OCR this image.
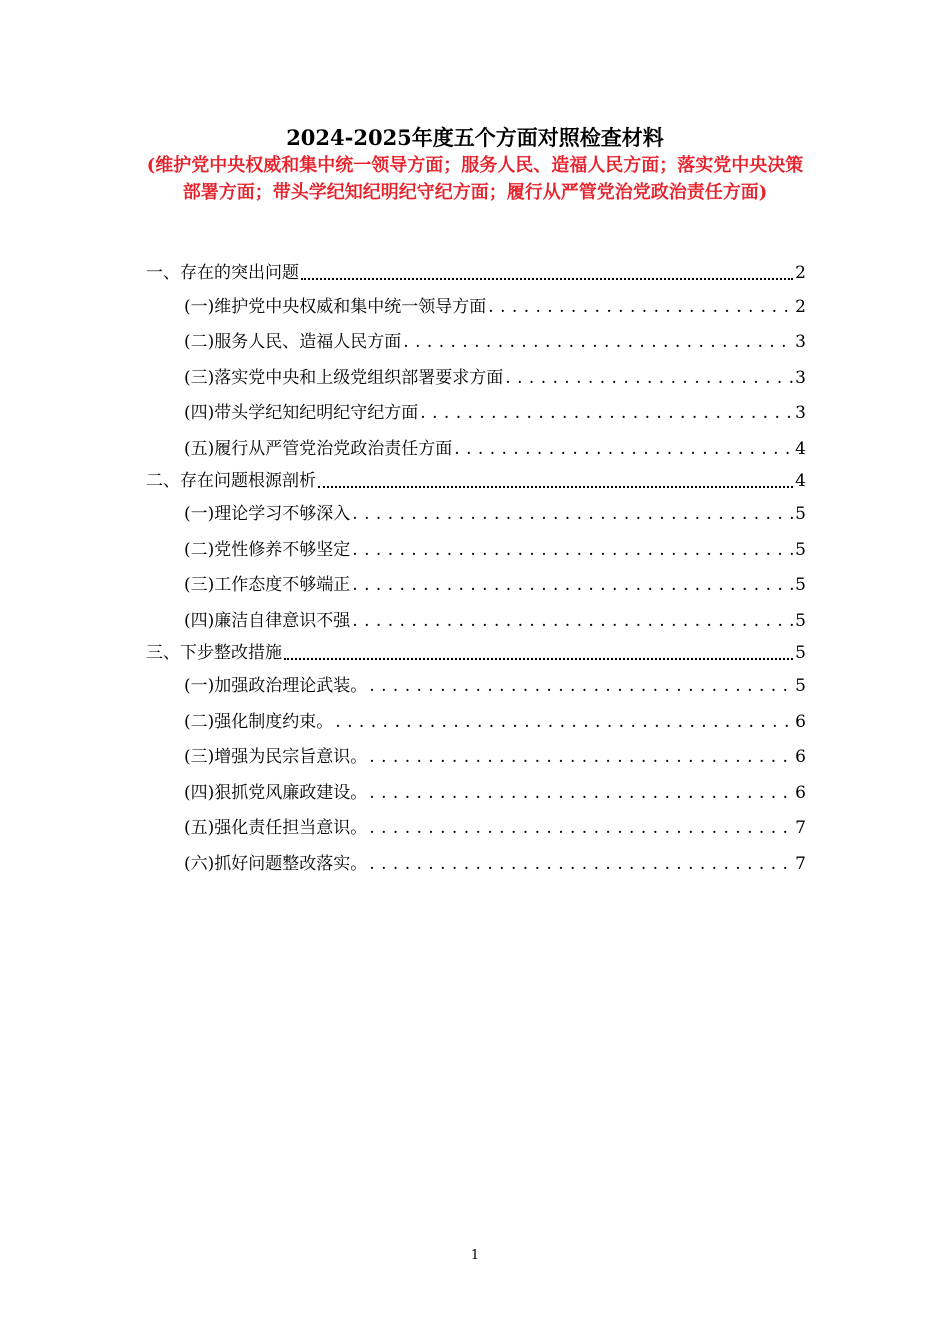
2024-2025年度五个方面对照检查材料
(维护党中央权威和集中统一领导方面；服务人民、造福人民方面；落实党中央决策部署方面；带头学纪知纪明纪守纪方面；履行从严管党治党政治责任方面)
一、存在的突出问题	2
(一)维护党中央权威和集中统一领导方面 . . .	2
(二)服务人民、造福人民方面 . . .	3
(三)落实党中央和上级党组织部署要求方面 . . .	3
(四)带头学纪知纪明纪守纪方面 . . .	3
(五)履行从严管党治党政治责任方面 . . .	4
二、存在问题根源剖析	4
(一)理论学习不够深入 . . .	5
(二)党性修养不够坚定 . . .	5
(三)工作态度不够端正 . . .	5
(四)廉洁自律意识不强 . . .	5
三、下步整改措施	5
(一)加强政治理论武装。 . . .	5
(二)强化制度约束。 . . .	6
(三)增强为民宗旨意识。 . . .	6
(四)狠抓党风廉政建设。 . . .	6
(五)强化责任担当意识。 . . .	7
(六)抓好问题整改落实。 . . .	7
1
